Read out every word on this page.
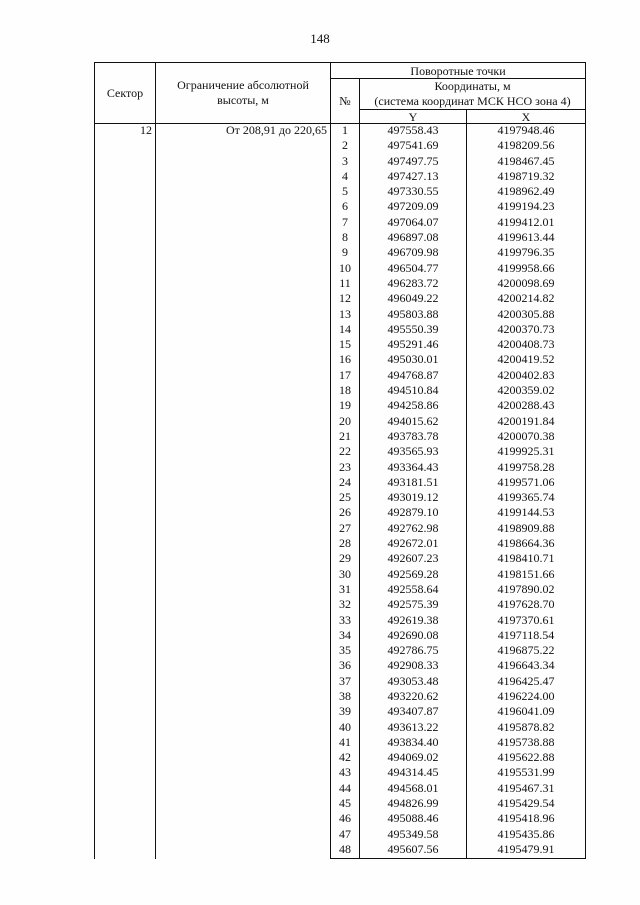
148
Сектор	Ограничение абсолютной высоты, м	Поворотные точки		
		№	Координаты, м
(система координат МСК НСО зона 4)	

			Y	X
12	От 208,91 до 220,65	1	497558.43	4197948.46
		2	497541.69	4198209.56
		3	497497.75	4198467.45
		4	497427.13	4198719.32
		5	497330.55	4198962.49
		6	497209.09	4199194.23
		7	497064.07	4199412.01
		8	496897.08	4199613.44
		9	496709.98	4199796.35
		10	496504.77	4199958.66
		11	496283.72	4200098.69
		12	496049.22	4200214.82
		13	495803.88	4200305.88
		14	495550.39	4200370.73
		15	495291.46	4200408.73
		16	495030.01	4200419.52
		17	494768.87	4200402.83
		18	494510.84	4200359.02
		19	494258.86	4200288.43
		20	494015.62	4200191.84
		21	493783.78	4200070.38
		22	493565.93	4199925.31
		23	493364.43	4199758.28
		24	493181.51	4199571.06
		25	493019.12	4199365.74
		26	492879.10	4199144.53
		27	492762.98	4198909.88
		28	492672.01	4198664.36
		29	492607.23	4198410.71
		30	492569.28	4198151.66
		31	492558.64	4197890.02
		32	492575.39	4197628.70
		33	492619.38	4197370.61
		34	492690.08	4197118.54
		35	492786.75	4196875.22
		36	492908.33	4196643.34
		37	493053.48	4196425.47
		38	493220.62	4196224.00
		39	493407.87	4196041.09
		40	493613.22	4195878.82
		41	493834.40	4195738.88
		42	494069.02	4195622.88
		43	494314.45	4195531.99
		44	494568.01	4195467.31
		45	494826.99	4195429.54
		46	495088.46	4195418.96
		47	495349.58	4195435.86
		48	495607.56	4195479.91
